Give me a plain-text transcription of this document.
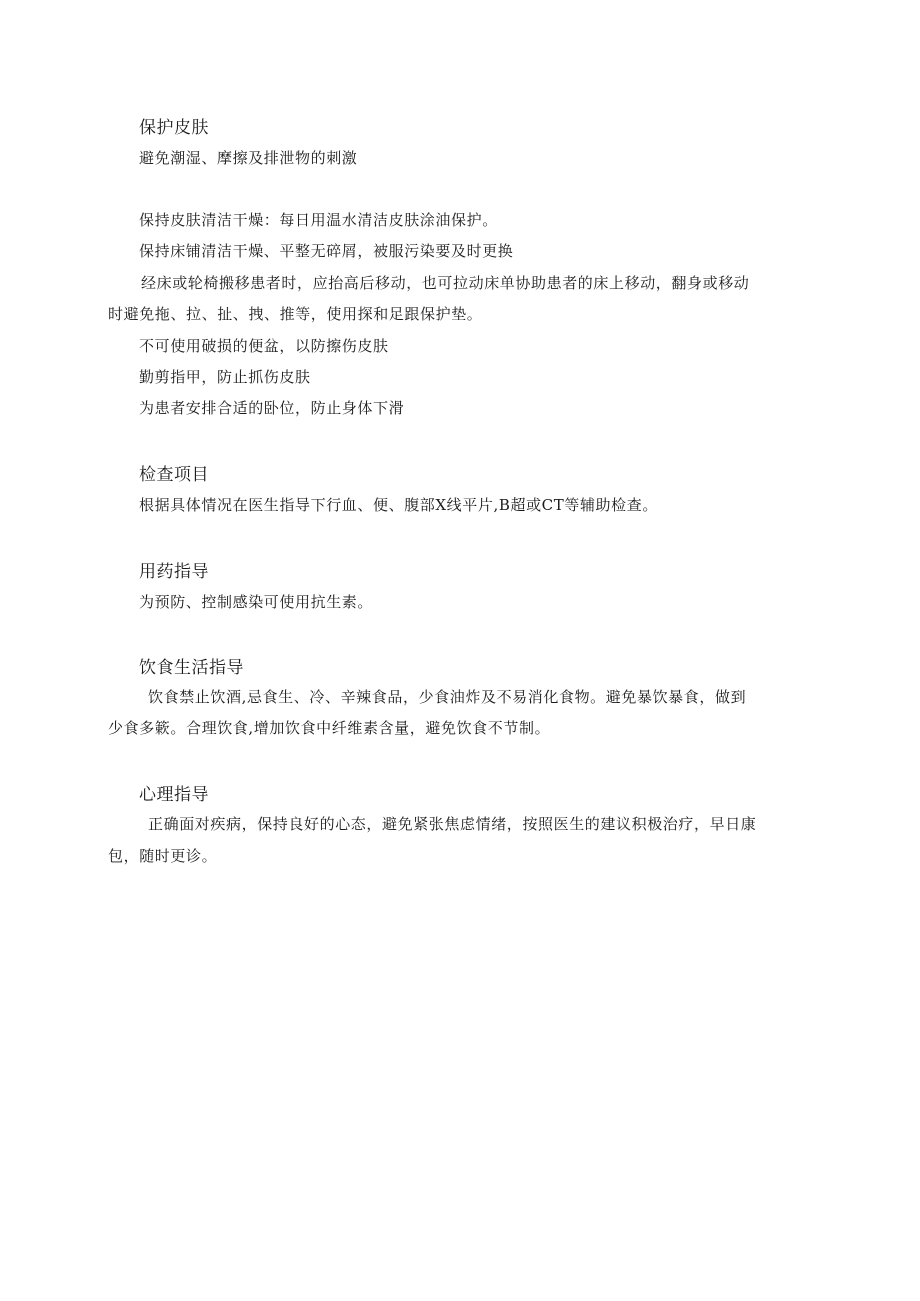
保护皮肤
避免潮湿、摩擦及排泄物的刺激
保持皮肤清洁干燥：每日用温水清洁皮肤涂油保护。
保持床铺清洁干燥、平整无碎屑，被服污染要及时更换
经床或轮椅搬移患者时，应抬高后移动，也可拉动床单协助患者的床上移动，翻身或移动
时避免拖、拉、扯、拽、推等，使用探和足跟保护垫。
不可使用破损的便盆，以防擦伤皮肤
勤剪指甲，防止抓伤皮肤
为患者安排合适的卧位，防止身体下滑
检查项目
根据具体情况在医生指导下行血、便、腹部X线平片,B超或CT等辅助检查。
用药指导
为预防、控制感染可使用抗生素。
饮食生活指导
饮食禁止饮酒,忌食生、冷、辛辣食品，少食油炸及不易消化食物。避免暴饮暴食，做到
少食多簌。合理饮食,增加饮食中纤维素含量，避免饮食不节制。
心理指导
正确面对疾病，保持良好的心态，避免紧张焦虑情绪，按照医生的建议积极治疗，早日康
包，随时更诊。
